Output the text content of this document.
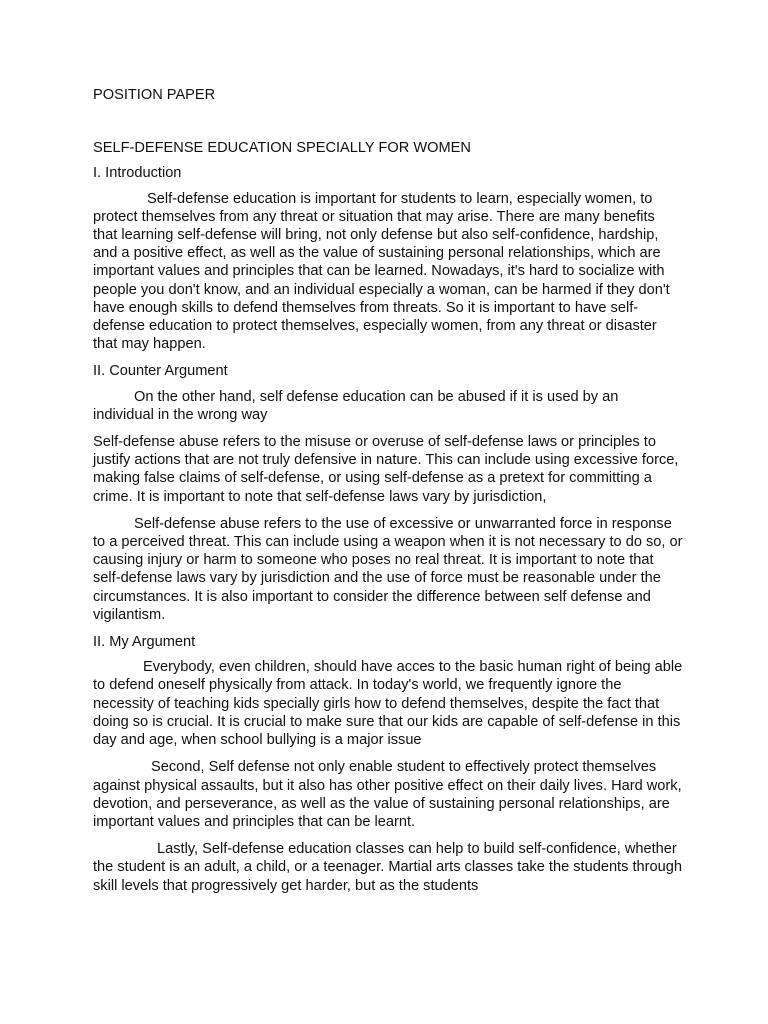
POSITION PAPER
SELF-DEFENSE EDUCATION SPECIALLY FOR WOMEN
I. Introduction

Self-defense education is important for students to learn, especially women, to protect themselves from any threat or situation that may arise. There are many benefits that learning self-defense will bring, not only defense but also self-confidence, hardship, and a positive effect, as well as the value of sustaining personal relationships, which are important values and principles that can be learned. Nowadays, it's hard to socialize with people you don't know, and an individual especially a woman, can be harmed if they don't have enough skills to defend themselves from threats. So it is important to have self-defense education to protect themselves, especially women, from any threat or disaster that may happen.

II. Counter Argument

On the other hand, self defense education can be abused if it is used by an individual in the wrong way

Self-defense abuse refers to the misuse or overuse of self-defense laws or principles to justify actions that are not truly defensive in nature. This can include using excessive force, making false claims of self-defense, or using self-defense as a pretext for committing a crime. It is important to note that self-defense laws vary by jurisdiction,

Self-defense abuse refers to the use of excessive or unwarranted force in response to a perceived threat. This can include using a weapon when it is not necessary to do so, or causing injury or harm to someone who poses no real threat. It is important to note that self-defense laws vary by jurisdiction and the use of force must be reasonable under the circumstances. It is also important to consider the difference between self defense and vigilantism.

II. My Argument

Everybody, even children, should have acces to the basic human right of being able to defend oneself physically from attack. In today's world, we frequently ignore the necessity of teaching kids specially girls how to defend themselves, despite the fact that doing so is crucial. It is crucial to make sure that our kids are capable of self-defense in this day and age, when school bullying is a major issue

Second, Self defense not only enable student to effectively protect themselves against physical assaults, but it also has other positive effect on their daily lives. Hard work, devotion, and perseverance, as well as the value of sustaining personal relationships, are important values and principles that can be learnt.

Lastly, Self-defense education classes can help to build self-confidence, whether the student is an adult, a child, or a teenager. Martial arts classes take the students through skill levels that progressively get harder, but as the students
